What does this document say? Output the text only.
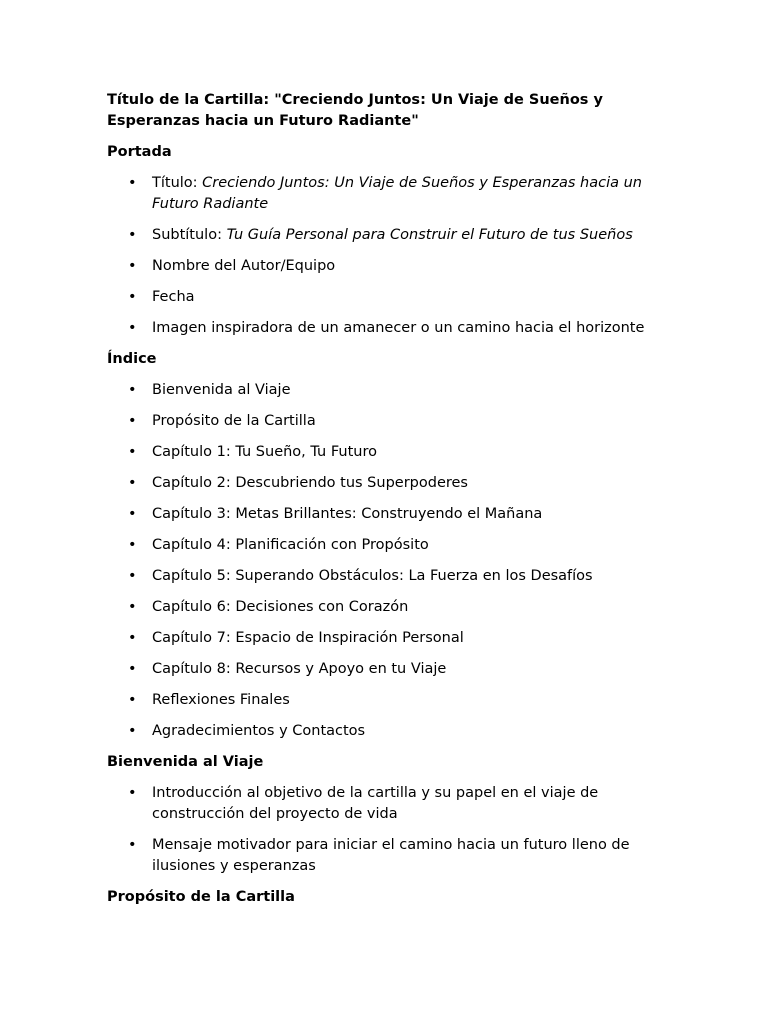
Título de la Cartilla: "Creciendo Juntos: Un Viaje de Sueños y Esperanzas hacia un Futuro Radiante"
Portada
• Título: Creciendo Juntos: Un Viaje de Sueños y Esperanzas hacia un Futuro Radiante
• Subtítulo: Tu Guía Personal para Construir el Futuro de tus Sueños
• Nombre del Autor/Equipo
• Fecha
• Imagen inspiradora de un amanecer o un camino hacia el horizonte
Índice
• Bienvenida al Viaje
• Propósito de la Cartilla
• Capítulo 1: Tu Sueño, Tu Futuro
• Capítulo 2: Descubriendo tus Superpoderes
• Capítulo 3: Metas Brillantes: Construyendo el Mañana
• Capítulo 4: Planificación con Propósito
• Capítulo 5: Superando Obstáculos: La Fuerza en los Desafíos
• Capítulo 6: Decisiones con Corazón
• Capítulo 7: Espacio de Inspiración Personal
• Capítulo 8: Recursos y Apoyo en tu Viaje
• Reflexiones Finales
• Agradecimientos y Contactos
Bienvenida al Viaje
• Introducción al objetivo de la cartilla y su papel en el viaje de construcción del proyecto de vida
• Mensaje motivador para iniciar el camino hacia un futuro lleno de ilusiones y esperanzas
Propósito de la Cartilla
